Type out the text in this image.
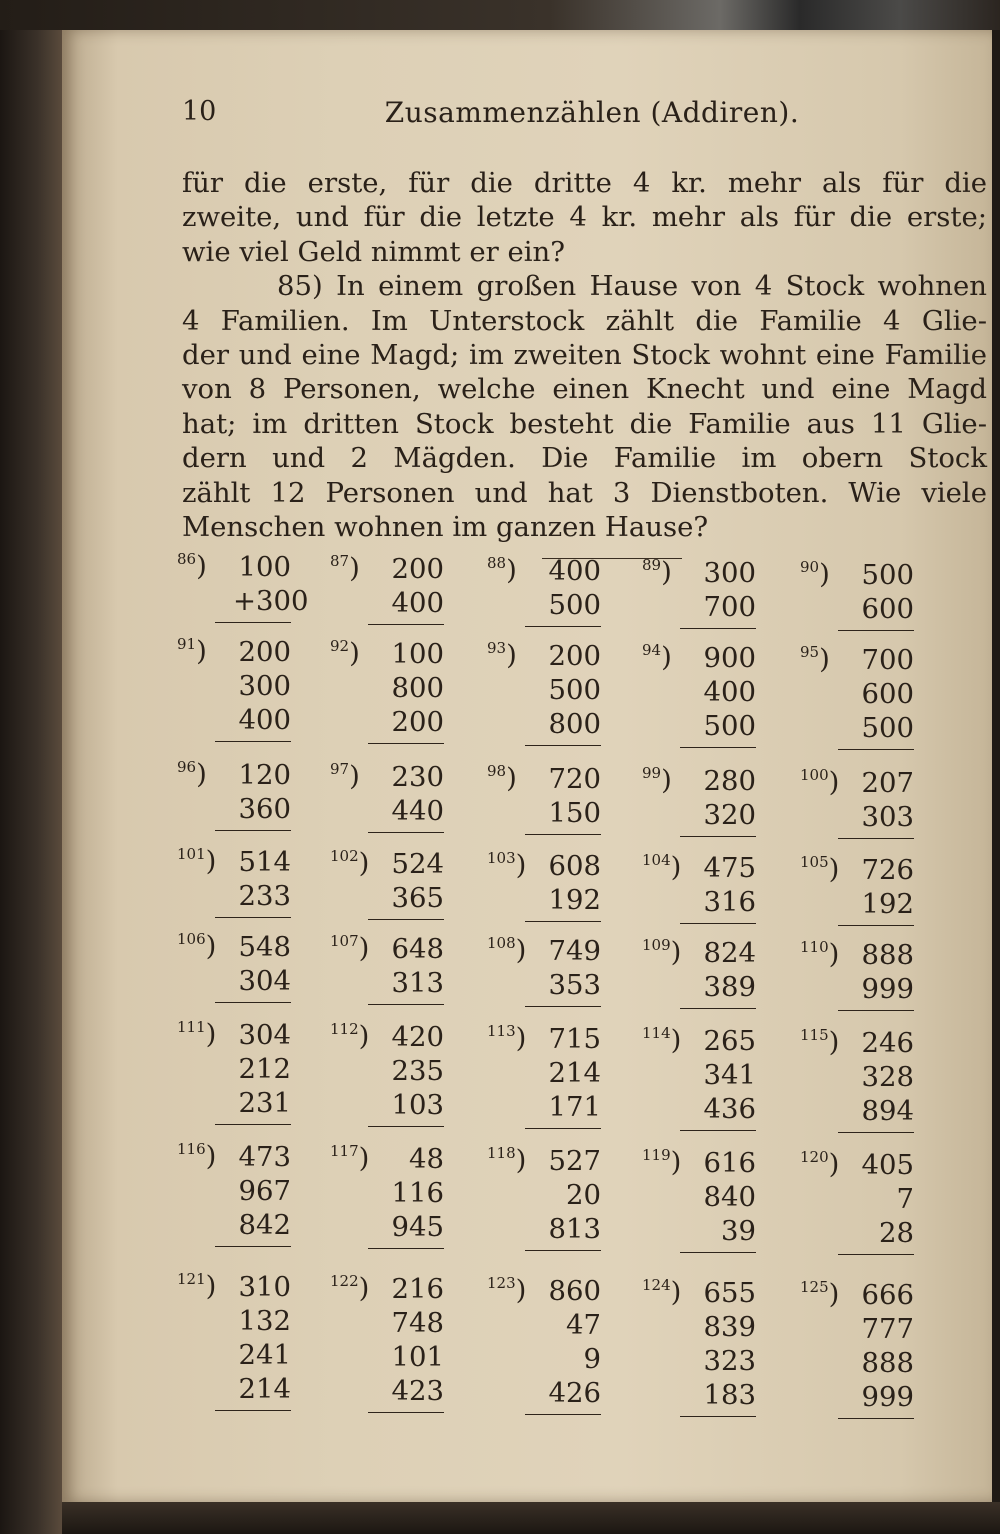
10	Zusammenzählen (Addiren).
für die erste, für die dritte 4 kr. mehr als für die
zweite, und für die letzte 4 kr. mehr als für die erste;
wie viel Geld nimmt er ein?
85) In einem großen Hause von 4 Stock wohnen
4 Familien. Im Unterstock zählt die Familie 4 Glie-
der und eine Magd; im zweiten Stock wohnt eine Familie
von 8 Personen, welche einen Knecht und eine Magd
hat; im dritten Stock besteht die Familie aus 11 Glie-
dern und 2 Mägden. Die Familie im obern Stock
zählt 12 Personen und hat 3 Dienstboten. Wie viele
Menschen wohnen im ganzen Hause?
$^{86}$)	100
+300
$^{87}$)	200
400
$^{88}$)	400
500
$^{89}$)	300
700
$^{90}$)	500
600
$^{91}$)	200
300
400
$^{92}$)	100
800
200
$^{93}$)	200
500
800
$^{94}$)	900
400
500
$^{95}$)	700
600
500
$^{96}$)	120
360
$^{97}$)	230
440
$^{98}$)	720
150
$^{99}$)	280
320
$^{100}$) 207
303
$^{101}$) 514
233
$^{102}$) 524
365
$^{103}$) 608
192
$^{104}$) 475
316
$^{105}$) 726
192
$^{106}$) 548
304
$^{107}$) 648
313
$^{108}$) 749
353
$^{109}$) 824
389
$^{110}$) 888
999
$^{111}$) 304
212
231
$^{112}$) 420
235
103
$^{113}$) 715
214
171
$^{114}$) 265
341
436
$^{115}$) 246
328
894
$^{116}$) 473
967
842
$^{117}$)	48
116
945
$^{118}$) 527
20
813
$^{119}$) 616
840
39
$^{120}$) 405
7
28
$^{121}$) 310
132
241
214
$^{122}$) 216
748
101
423
$^{123}$) 860
47
9
426
$^{124}$) 655
839
323
183
$^{125}$) 666
777
888
999
